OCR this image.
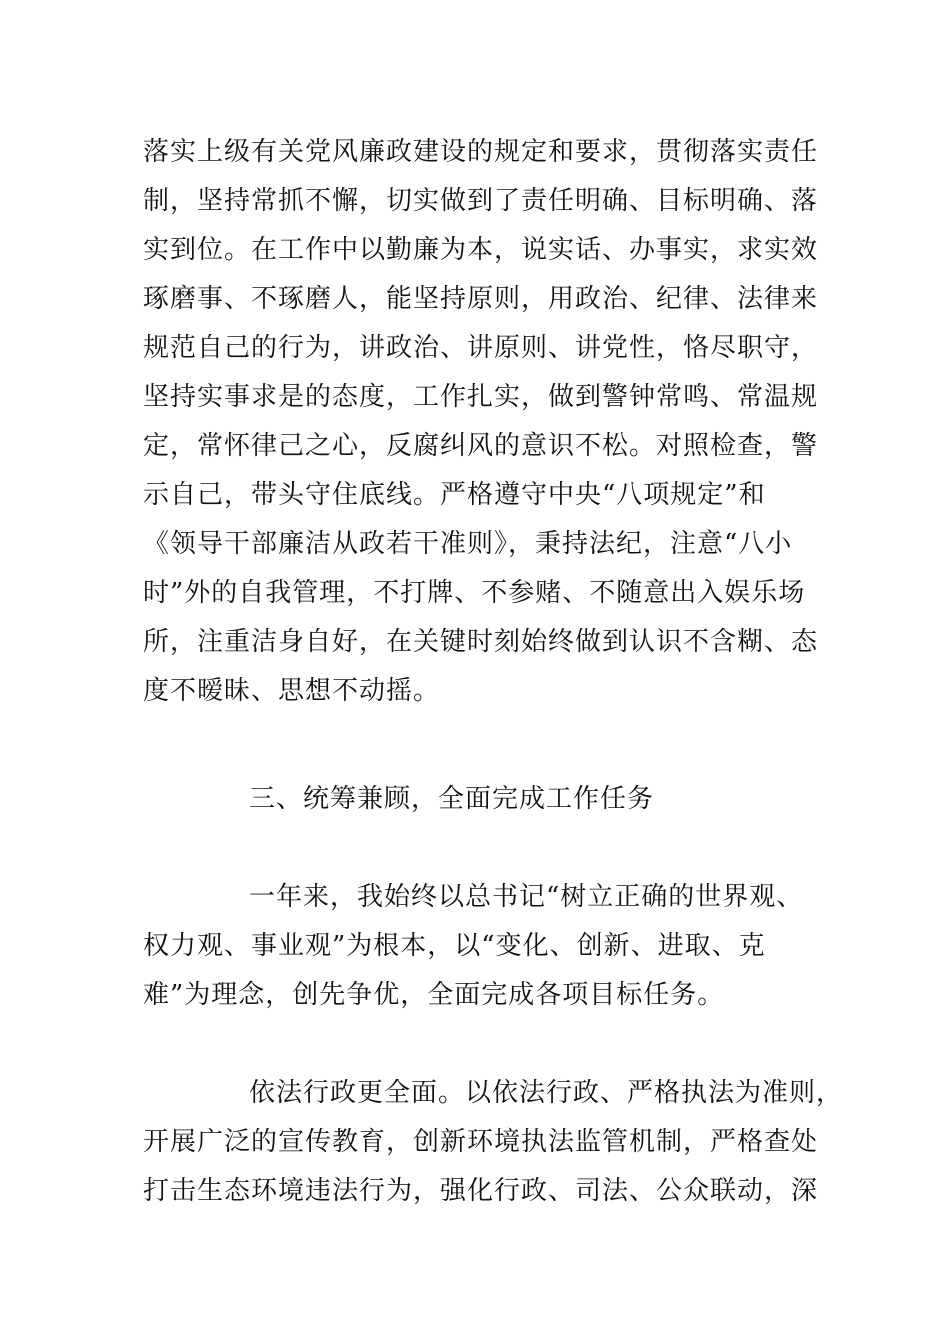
落实上级有关党风廉政建设的规定和要求，贯彻落实责任
制，坚持常抓不懈，切实做到了责任明确、目标明确、落
实到位。在工作中以勤廉为本，说实话、办事实，求实效
琢磨事、不琢磨人，能坚持原则，用政治、纪律、法律来
规范自己的行为，讲政治、讲原则、讲党性，恪尽职守，
坚持实事求是的态度，工作扎实，做到警钟常鸣、常温规
定，常怀律己之心，反腐纠风的意识不松。对照检查，警
示自己，带头守住底线。严格遵守中央“八项规定”和
《领导干部廉洁从政若干准则》，秉持法纪，注意“八小
时”外的自我管理，不打牌、不参赌、不随意出入娱乐场
所，注重洁身自好，在关键时刻始终做到认识不含糊、态
度不暧昧、思想不动摇。
三、统筹兼顾，全面完成工作任务
一年来，我始终以总书记“树立正确的世界观、
权力观、事业观”为根本，以“变化、创新、进取、克
难”为理念，创先争优，全面完成各项目标任务。
依法行政更全面。以依法行政、严格执法为准则，
开展广泛的宣传教育，创新环境执法监管机制，严格查处
打击生态环境违法行为，强化行政、司法、公众联动，深
